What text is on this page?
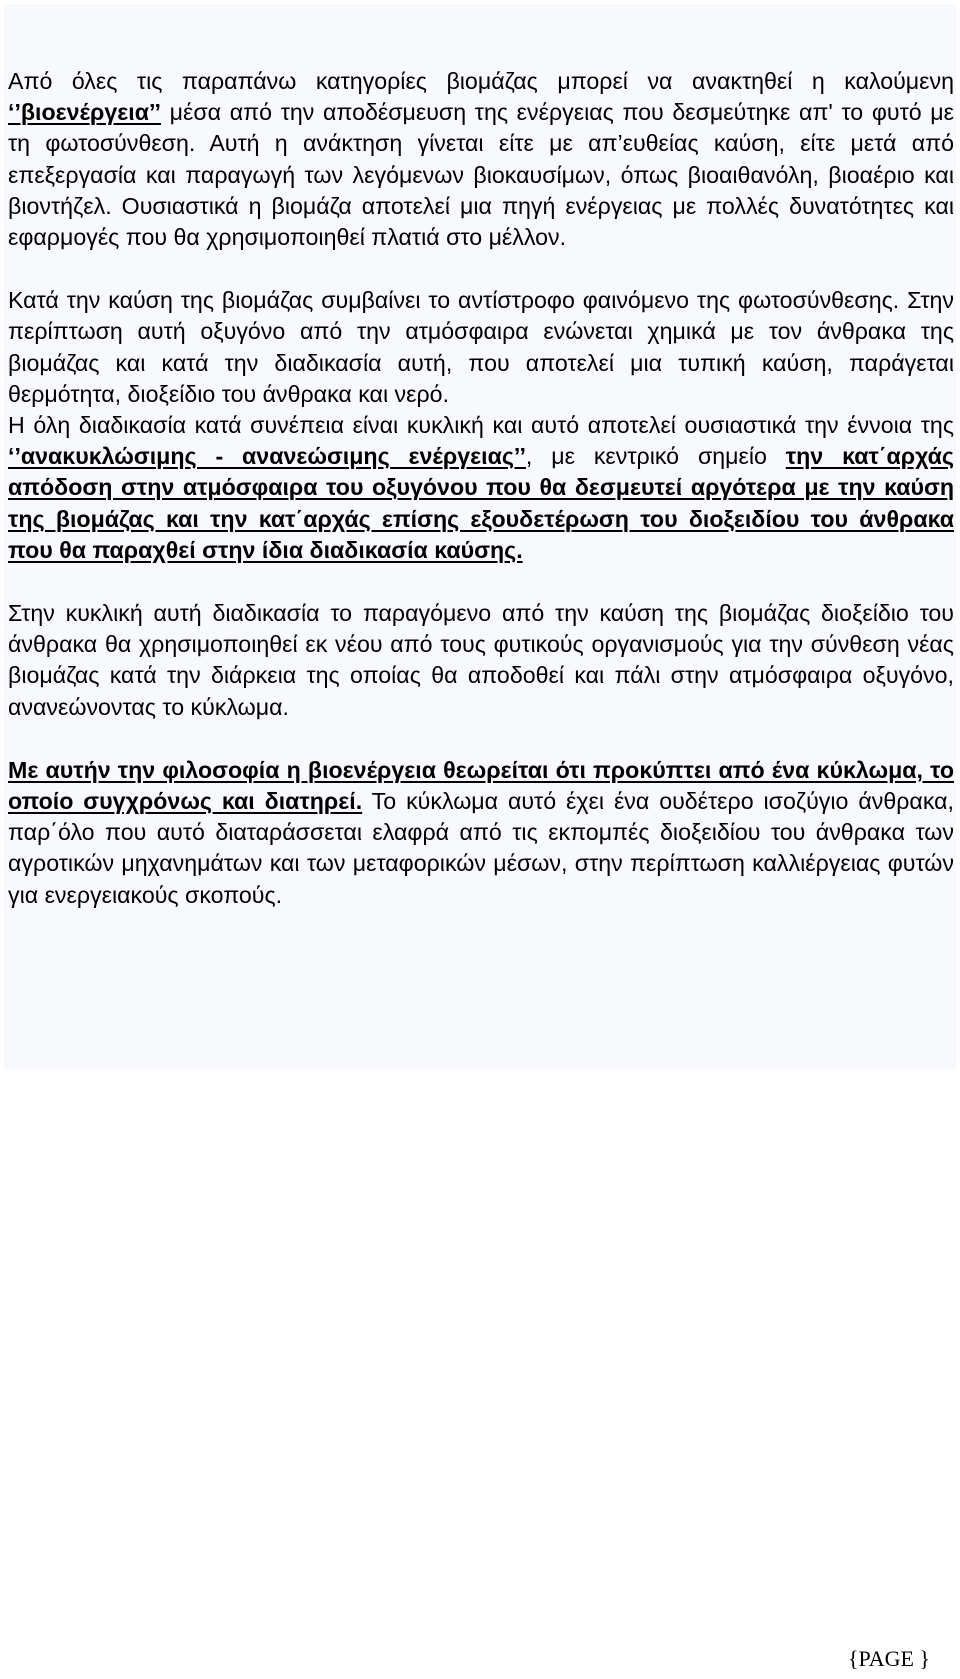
Από όλες τις παραπάνω κατηγορίες βιομάζας μπορεί να ανακτηθεί η καλούμενη ‘’βιοενέργεια’’ μέσα από την αποδέσμευση της ενέργειας που δεσμεύτηκε απ' το φυτό με τη φωτοσύνθεση. Αυτή η ανάκτηση γίνεται είτε με απ’ευθείας καύση, είτε μετά από επεξεργασία και παραγωγή των λεγόμενων βιοκαυσίμων, όπως βιοαιθανόλη, βιοαέριο και βιοντήζελ. Ουσιαστικά η βιομάζα αποτελεί μια πηγή ενέργειας με πολλές δυνατότητες και εφαρμογές που θα χρησιμοποιηθεί πλατιά στο μέλλον.

Κατά την καύση της βιομάζας συμβαίνει το αντίστροφο φαινόμενο της φωτοσύνθεσης. Στην περίπτωση αυτή οξυγόνο από την ατμόσφαιρα ενώνεται χημικά με τον άνθρακα της βιομάζας και κατά την διαδικασία αυτή, που αποτελεί μια τυπική καύση, παράγεται θερμότητα, διοξείδιο του άνθρακα και νερό.

Η όλη διαδικασία κατά συνέπεια είναι κυκλική και αυτό αποτελεί ουσιαστικά την έννοια της ‘’ανακυκλώσιμης - ανανεώσιμης ενέργειας’’, με κεντρικό σημείο την κατ΄αρχάς απόδοση στην ατμόσφαιρα του οξυγόνου που θα δεσμευτεί αργότερα με την καύση της βιομάζας και την κατ΄αρχάς επίσης εξουδετέρωση του διοξειδίου του άνθρακα που θα παραχθεί στην ίδια διαδικασία καύσης.

Στην κυκλική αυτή διαδικασία το παραγόμενο από την καύση της βιομάζας διοξείδιο του άνθρακα θα χρησιμοποιηθεί εκ νέου από τους φυτικούς οργανισμούς για την σύνθεση νέας βιομάζας κατά την διάρκεια της οποίας θα αποδοθεί και πάλι στην ατμόσφαιρα οξυγόνο, ανανεώνοντας το κύκλωμα.

Με αυτήν την φιλοσοφία η βιοενέργεια θεωρείται ότι προκύπτει από ένα κύκλωμα, το οποίο συγχρόνως και διατηρεί. Το κύκλωμα αυτό έχει ένα ουδέτερο ισοζύγιο άνθρακα, παρ΄όλο που αυτό διαταράσσεται ελαφρά από τις εκπομπές διοξειδίου του άνθρακα των αγροτικών μηχανημάτων και των μεταφορικών μέσων, στην περίπτωση καλλιέργειας φυτών για ενεργειακούς σκοπούς.

{PAGE }
